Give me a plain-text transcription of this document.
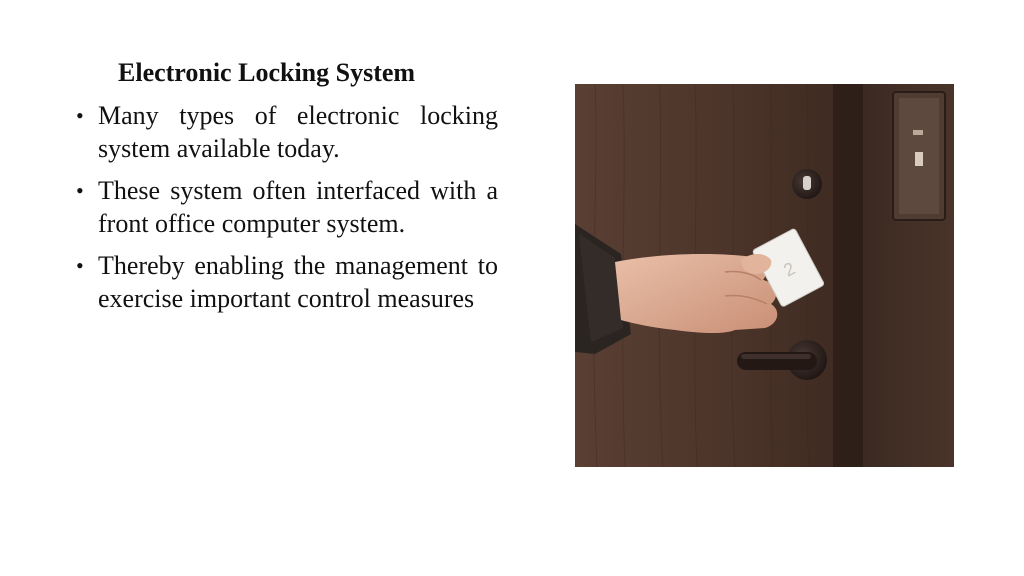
Electronic Locking System
• Many types of electronic locking system available today.
• These system often interfaced with a front office computer system.
• Thereby enabling the management to exercise important control measures
2
